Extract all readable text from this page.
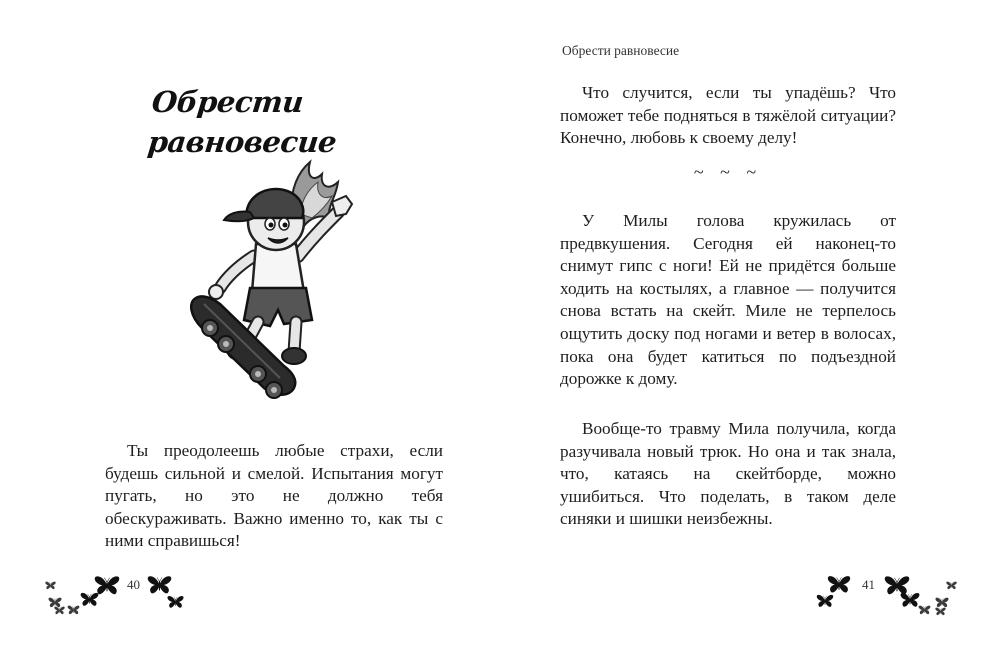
Обрести равновесие

Ты преодолеешь любые страхи, если будешь сильной и смелой. Испытания могут пугать, но это не должно тебя обескураживать. Важно именно то, как ты с ними справишься!

40
Обрести равновесие

Что случится, если ты упадёшь? Что поможет тебе подняться в тяжёлой ситуации? Конечно, любовь к своему делу!

~ ~ ~

У Милы голова кружилась от предвкушения. Сегодня ей наконец-то снимут гипс с ноги! Ей не придётся больше ходить на костылях, а главное — получится снова встать на скейт. Миле не терпелось ощутить доску под ногами и ветер в волосах, пока она будет катиться по подъездной дорожке к дому.

Вообще-то травму Мила получила, когда разучивала новый трюк. Но она и так знала, что, катаясь на скейтборде, можно ушибиться. Что поделать, в таком деле синяки и шишки неизбежны.

41
